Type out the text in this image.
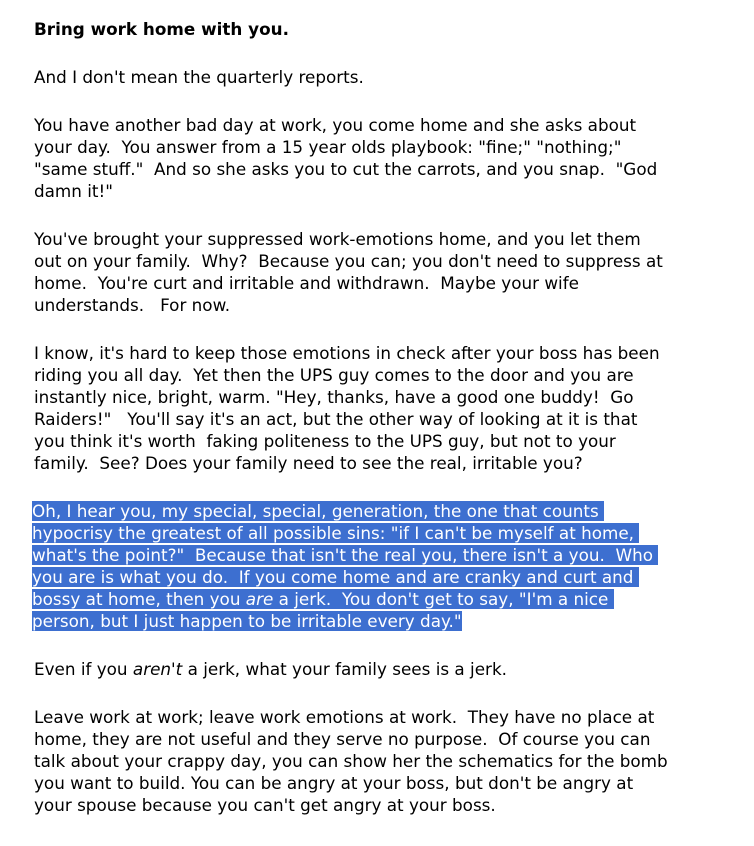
Bring work home with you.
And I don't mean the quarterly reports.
You have another bad day at work, you come home and she asks about
your day.  You answer from a 15 year olds playbook: "fine;" "nothing;"
"same stuff."  And so she asks you to cut the carrots, and you snap.  "God
damn it!"
You've brought your suppressed work-emotions home, and you let them
out on your family.  Why?  Because you can; you don't need to suppress at
home.  You're curt and irritable and withdrawn.  Maybe your wife
understands.   For now.
I know, it's hard to keep those emotions in check after your boss has been
riding you all day.  Yet then the UPS guy comes to the door and you are
instantly nice, bright, warm. "Hey, thanks, have a good one buddy!  Go
Raiders!"   You'll say it's an act, but the other way of looking at it is that
you think it's worth  faking politeness to the UPS guy, but not to your
family.  See? Does your family need to see the real, irritable you?
Oh, I hear you, my special, special, generation, the one that counts
hypocrisy the greatest of all possible sins: "if I can't be myself at home,
what's the point?"  Because that isn't the real you, there isn't a you.  Who
you are is what you do.  If you come home and are cranky and curt and
bossy at home, then you are a jerk.  You don't get to say, "I'm a nice
person, but I just happen to be irritable every day."
Even if you aren't a jerk, what your family sees is a jerk.
Leave work at work; leave work emotions at work.  They have no place at
home, they are not useful and they serve no purpose.  Of course you can
talk about your crappy day, you can show her the schematics for the bomb
you want to build. You can be angry at your boss, but don't be angry at
your spouse because you can't get angry at your boss.
